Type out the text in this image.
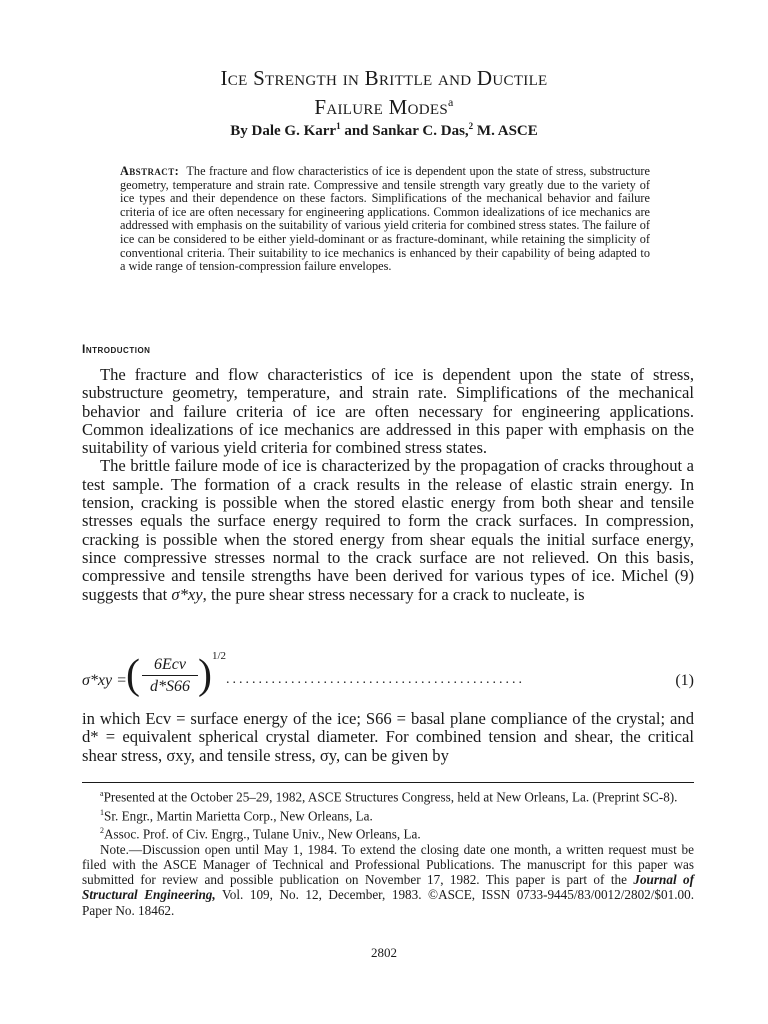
Ice Strength in Brittle and Ductile
Failure Modes$^a$
By Dale G. Karr$^1$ and Sankar C. Das,$^2$ M. ASCE
Abstract: The fracture and flow characteristics of ice is dependent upon the state of stress, substructure geometry, temperature and strain rate. Compressive and tensile strength vary greatly due to the variety of ice types and their dependence on these factors. Simplifications of the mechanical behavior and failure criteria of ice are often necessary for engineering applications. Common idealizations of ice mechanics are addressed with emphasis on the suitability of various yield criteria for combined stress states. The failure of ice can be considered to be either yield-dominant or as fracture-dominant, while retaining the simplicity of conventional criteria. Their suitability to ice mechanics is enhanced by their capability of being adapted to a wide range of tension-compression failure envelopes.
Introduction

The fracture and flow characteristics of ice is dependent upon the state of stress, substructure geometry, temperature, and strain rate. Simplifications of the mechanical behavior and failure criteria of ice are often necessary for engineering applications. Common idealizations of ice mechanics are addressed in this paper with emphasis on the suitability of various yield criteria for combined stress states.

The brittle failure mode of ice is characterized by the propagation of cracks throughout a test sample. The formation of a crack results in the release of elastic strain energy. In tension, cracking is possible when the stored elastic energy from both shear and tensile stresses equals the surface energy required to form the crack surfaces. In compression, cracking is possible when the stored energy from shear equals the initial surface energy, since compressive stresses normal to the crack surface are not relieved. On this basis, compressive and tensile strengths have been derived for various types of ice. Michel (9) suggests that σ*xy, the pure shear stress necessary for a crack to nucleate, is

σ*xy = ( 6Ecv
d*S66 ) 1/2
..............................................	(1)
in which Ecv = surface energy of the ice; S66 = basal plane compliance of the crystal; and d* = equivalent spherical crystal diameter. For combined tension and shear, the critical shear stress, σxy, and tensile stress, σy, can be given by

$^a$Presented at the October 25–29, 1982, ASCE Structures Congress, held at New Orleans, La. (Preprint SC-8).

$^1$Sr. Engr., Martin Marietta Corp., New Orleans, La.

$^2$Assoc. Prof. of Civ. Engrg., Tulane Univ., New Orleans, La.

Note.—Discussion open until May 1, 1984. To extend the closing date one month, a written request must be filed with the ASCE Manager of Technical and Professional Publications. The manuscript for this paper was submitted for review and possible publication on November 17, 1982. This paper is part of the Journal of Structural Engineering, Vol. 109, No. 12, December, 1983. ©ASCE, ISSN 0733-9445/83/0012/2802/$01.00. Paper No. 18462.

2802
